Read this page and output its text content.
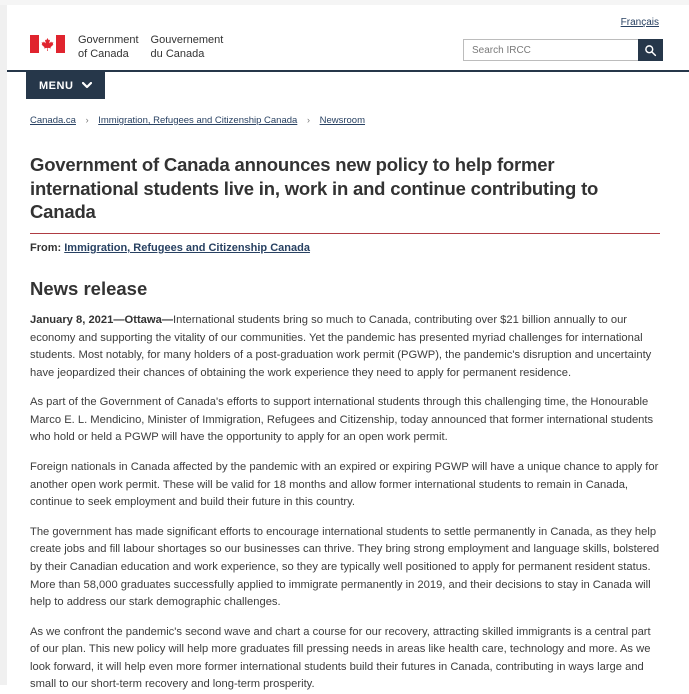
Français
Government
of Canada
Gouvernement
du Canada
Search IRCC
MENU
Canada.ca › Immigration, Refugees and Citizenship Canada › Newsroom
Government of Canada announces new policy to help former international students live in, work in and continue contributing to Canada

From: Immigration, Refugees and Citizenship Canada

News release

January 8, 2021—Ottawa—International students bring so much to Canada, contributing over $21 billion annually to our economy and supporting the vitality of our communities. Yet the pandemic has presented myriad challenges for international students. Most notably, for many holders of a post-graduation work permit (PGWP), the pandemic's disruption and uncertainty have jeopardized their chances of obtaining the work experience they need to apply for permanent residence.

As part of the Government of Canada's efforts to support international students through this challenging time, the Honourable Marco E. L. Mendicino, Minister of Immigration, Refugees and Citizenship, today announced that former international students who hold or held a PGWP will have the opportunity to apply for an open work permit.

Foreign nationals in Canada affected by the pandemic with an expired or expiring PGWP will have a unique chance to apply for another open work permit. These will be valid for 18 months and allow former international students to remain in Canada, continue to seek employment and build their future in this country.

The government has made significant efforts to encourage international students to settle permanently in Canada, as they help create jobs and fill labour shortages so our businesses can thrive. They bring strong employment and language skills, bolstered by their Canadian education and work experience, so they are typically well positioned to apply for permanent resident status. More than 58,000 graduates successfully applied to immigrate permanently in 2019, and their decisions to stay in Canada will help to address our stark demographic challenges.

As we confront the pandemic's second wave and chart a course for our recovery, attracting skilled immigrants is a central part of our plan. This new policy will help more graduates fill pressing needs in areas like health care, technology and more. As we look forward, it will help even more former international students build their futures in Canada, contributing in ways large and small to our short-term recovery and long-term prosperity.
